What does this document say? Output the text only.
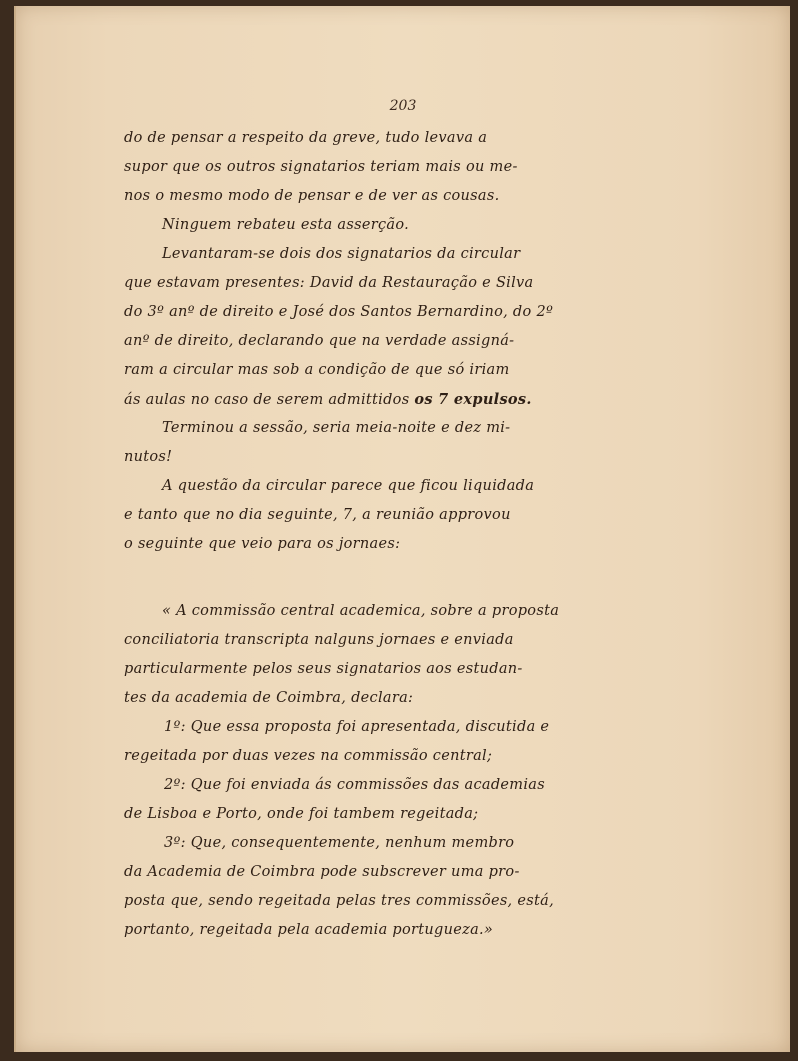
203
do de pensar a respeito da greve, tudo levava a
supor que os outros signatarios teriam mais ou me-
nos o mesmo modo de pensar e de ver as cousas.
Ninguem rebateu esta asserção.
Levantaram-se dois dos signatarios da circular
que estavam presentes: David da Restauração e Silva
do 3º anº de direito e José dos Santos Bernardino, do 2º
anº de direito, declarando que na verdade assigná-
ram a circular mas sob a condição de que só iriam
ás aulas no caso de serem admittidos os 7 expulsos.
Terminou a sessão, seria meia-noite e dez mi-
nutos!
A questão da circular parece que ficou liquidada
e tanto que no dia seguinte, 7, a reunião approvou
o seguinte que veio para os jornaes:
« A commissão central academica, sobre a proposta
conciliatoria transcripta nalguns jornaes e enviada
particularmente pelos seus signatarios aos estudan-
tes da academia de Coimbra, declara:
1º: Que essa proposta foi apresentada, discutida e
regeitada por duas vezes na commissão central;
2º: Que foi enviada ás commissões das academias
de Lisboa e Porto, onde foi tambem regeitada;
3º: Que, consequentemente, nenhum membro
da Academia de Coimbra pode subscrever uma pro-
posta que, sendo regeitada pelas tres commissões, está,
portanto, regeitada pela academia portugueza.»
